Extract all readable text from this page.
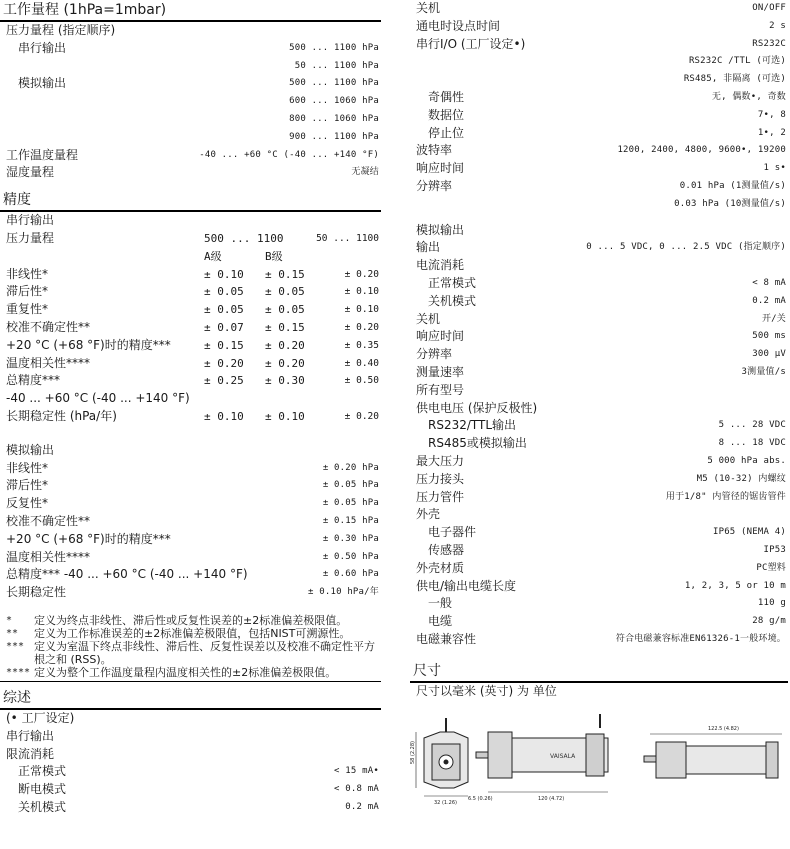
工作量程 (1hPa=1mbar)
压力量程 (指定顺序)
串行输出	500 ... 1100 hPa
50 ... 1100 hPa
模拟输出	500 ... 1100 hPa
600 ... 1060 hPa
800 ... 1060 hPa
900 ... 1100 hPa
工作温度量程	-40 ... +60 °C (-40 ... +140 °F)
湿度量程	无凝结
精度
串行输出
压力量程	500 ... 1100	50 ... 1100
A级	B级
非线性*	± 0.10 ± 0.15	± 0.20
滞后性*	± 0.05 ± 0.05	± 0.10
重复性*	± 0.05 ± 0.05	± 0.10
校准不确定性**	± 0.07 ± 0.15	± 0.20
+20 °C (+68 °F)时的精度***	± 0.15 ± 0.20	± 0.35
温度相关性****	± 0.20 ± 0.20	± 0.40
总精度***	± 0.25 ± 0.30	± 0.50
-40 ... +60 °C (-40 ... +140 °F)
长期稳定性 (hPa/年)	± 0.10 ± 0.10	± 0.20
模拟输出
非线性*	± 0.20 hPa
滞后性*	± 0.05 hPa
反复性*	± 0.05 hPa
校准不确定性**	± 0.15 hPa
+20 °C (+68 °F)时的精度***	± 0.30 hPa
温度相关性****	± 0.50 hPa
总精度*** -40 ... +60 °C (-40 ... +140 °F)	± 0.60 hPa
长期稳定性	± 0.10 hPa/年
* 定义为终点非线性、滞后性或反复性误差的±2标准偏差极限值。
** 定义为工作标准误差的±2标准偏差极限值，包括NIST可溯源性。
*** 定义为室温下终点非线性、滞后性、反复性误差以及校准不确定性平方根之和 (RSS)。
**** 定义为整个工作温度量程内温度相关性的±2标准偏差极限值。
综述
(• 工厂设定)
串行输出
限流消耗
正常模式	< 15 mA•
断电模式	< 0.8 mA
关机模式	0.2 mA
关机	ON/OFF
通电时设点时间	2 s
串行I/O (工厂设定•)	RS232C
RS232C /TTL (可选)
RS485, 非隔离 (可选)
奇偶性	无, 偶数•, 奇数
数据位	7•, 8
停止位	1•, 2
波特率	1200, 2400, 4800, 9600•, 19200
响应时间	1 s•
分辨率	0.01 hPa (1测量值/s)
0.03 hPa (10测量值/s)
模拟输出
输出	0 ... 5 VDC, 0 ... 2.5 VDC (指定顺序)
电流消耗
正常模式	< 8 mA
关机模式	0.2 mA
关机	开/关
响应时间	500 ms
分辨率	300 μV
测量速率	3测量值/s
所有型号
供电电压 (保护反极性)
RS232/TTL输出	5 ... 28 VDC
RS485或模拟输出	8 ... 18 VDC
最大压力	5 000 hPa abs.
压力接头	M5 (10-32) 内螺纹
压力管件	用于1/8" 内管径的锯齿管件
外壳
电子器件	IP65 (NEMA 4)
传感器	IP53
外壳材质	PC塑料
供电/输出电缆长度	1, 2, 3, 5 or 10 m
一般	110 g
电缆	28 g/m
电磁兼容性	符合电磁兼容标准EN61326-1一般环境。
尺寸
尺寸以毫米 (英寸) 为 单位
58 (2.28)
32 (1.26)
VAISALA
6.5 (0.26)	120 (4.72)
122.5 (4.82)
